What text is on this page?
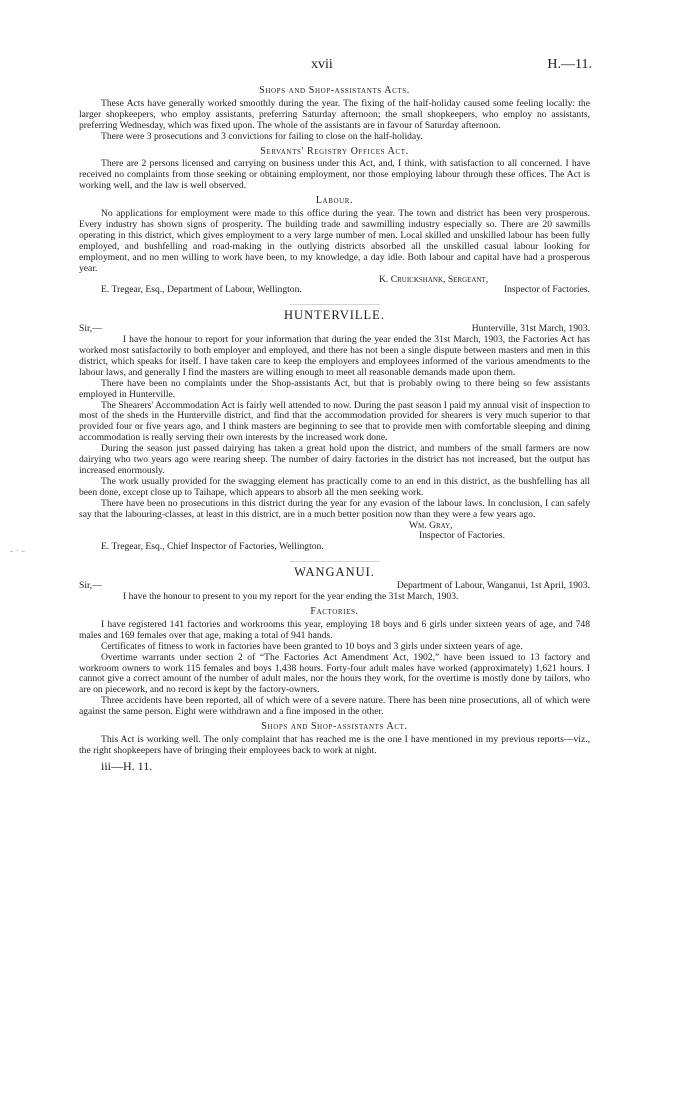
- · -
xvii	H.—11.
Shops and Shop-assistants Acts.

These Acts have generally worked smoothly during the year. The fixing of the half-holiday caused some feeling locally: the larger shopkeepers, who employ assistants, preferring Saturday afternoon; the small shopkeepers, who employ no assistants, preferring Wednesday, which was fixed upon. The whole of the assistants are in favour of Saturday afternoon.

There were 3 prosecutions and 3 convictions for failing to close on the half-holiday.

Servants' Registry Offices Act.

There are 2 persons licensed and carrying on business under this Act, and, I think, with satisfaction to all concerned. I have received no complaints from those seeking or obtaining employment, nor those employing labour through these offices. The Act is working well, and the law is well observed.

Labour.

No applications for employment were made to this office during the year. The town and district has been very prosperous. Every industry has shown signs of prosperity. The building trade and sawmilling industry especially so. There are 20 sawmills operating in this district, which gives employment to a very large number of men. Local skilled and unskilled labour has been fully employed, and bushfelling and road-making in the outlying districts absorbed all the unskilled casual labour looking for employment, and no men willing to work have been, to my knowledge, a day idle. Both labour and capital have had a prosperous year.

K. Cruickshank, Sergeant,
E. Tregear, Esq., Department of Labour, Wellington.	Inspector of Factories.
HUNTERVILLE.
Sir,—	Hunterville, 31st March, 1903.

I have the honour to report for your information that during the year ended the 31st March, 1903, the Factories Act has worked most satisfactorily to both employer and employed, and there has not been a single dispute between masters and men in this district, which speaks for itself. I have taken care to keep the employers and employees informed of the various amendments to the labour laws, and generally I find the masters are willing enough to meet all reasonable demands made upon them.

There have been no complaints under the Shop-assistants Act, but that is probably owing to there being so few assistants employed in Hunterville.

The Shearers' Accommodation Act is fairly well attended to now. During the past season I paid my annual visit of inspection to most of the sheds in the Hunterville district, and find that the accommodation provided for shearers is very much superior to that provided four or five years ago, and I think masters are beginning to see that to provide men with comfortable sleeping and dining accommodation is really serving their own interests by the increased work done.

During the season just passed dairying has taken a great hold upon the district, and numbers of the small farmers are now dairying who two years ago were rearing sheep. The number of dairy factories in the district has not increased, but the output has increased enormously.

The work usually provided for the swagging element has practically come to an end in this district, as the bushfelling has all been done, except close up to Taihape, which appears to absorb all the men seeking work.

There have been no prosecutions in this district during the year for any evasion of the labour laws. In conclusion, I can safely say that the labouring-classes, at least in this district, are in a much better position now than they were a few years ago.

Wm. Gray,
Inspector of Factories.
E. Tregear, Esq., Chief Inspector of Factories, Wellington.
WANGANUI.
Sir,—	Department of Labour, Wanganui, 1st April, 1903.

I have the honour to present to you my report for the year ending the 31st March, 1903.

Factories.

I have registered 141 factories and workrooms this year, employing 18 boys and 6 girls under sixteen years of age, and 748 males and 169 females over that age, making a total of 941 hands.

Certificates of fitness to work in factories have been granted to 10 boys and 3 girls under sixteen years of age.

Overtime warrants under section 2 of “The Factories Act Amendment Act, 1902,” have been issued to 13 factory and workroom owners to work 115 females and boys 1,438 hours. Forty-four adult males have worked (approximately) 1,621 hours. I cannot give a correct amount of the number of adult males, nor the hours they work, for the overtime is mostly done by tailors, who are on piecework, and no record is kept by the factory-owners.

Three accidents have been reported, all of which were of a severe nature. There has been nine prosecutions, all of which were against the same person. Eight were withdrawn and a fine imposed in the other.

Shops and Shop-assistants Act.

This Act is working well. The only complaint that has reached me is the one I have mentioned in my previous reports—viz., the right shopkeepers have of bringing their employees back to work at night.

iii—H. 11.
